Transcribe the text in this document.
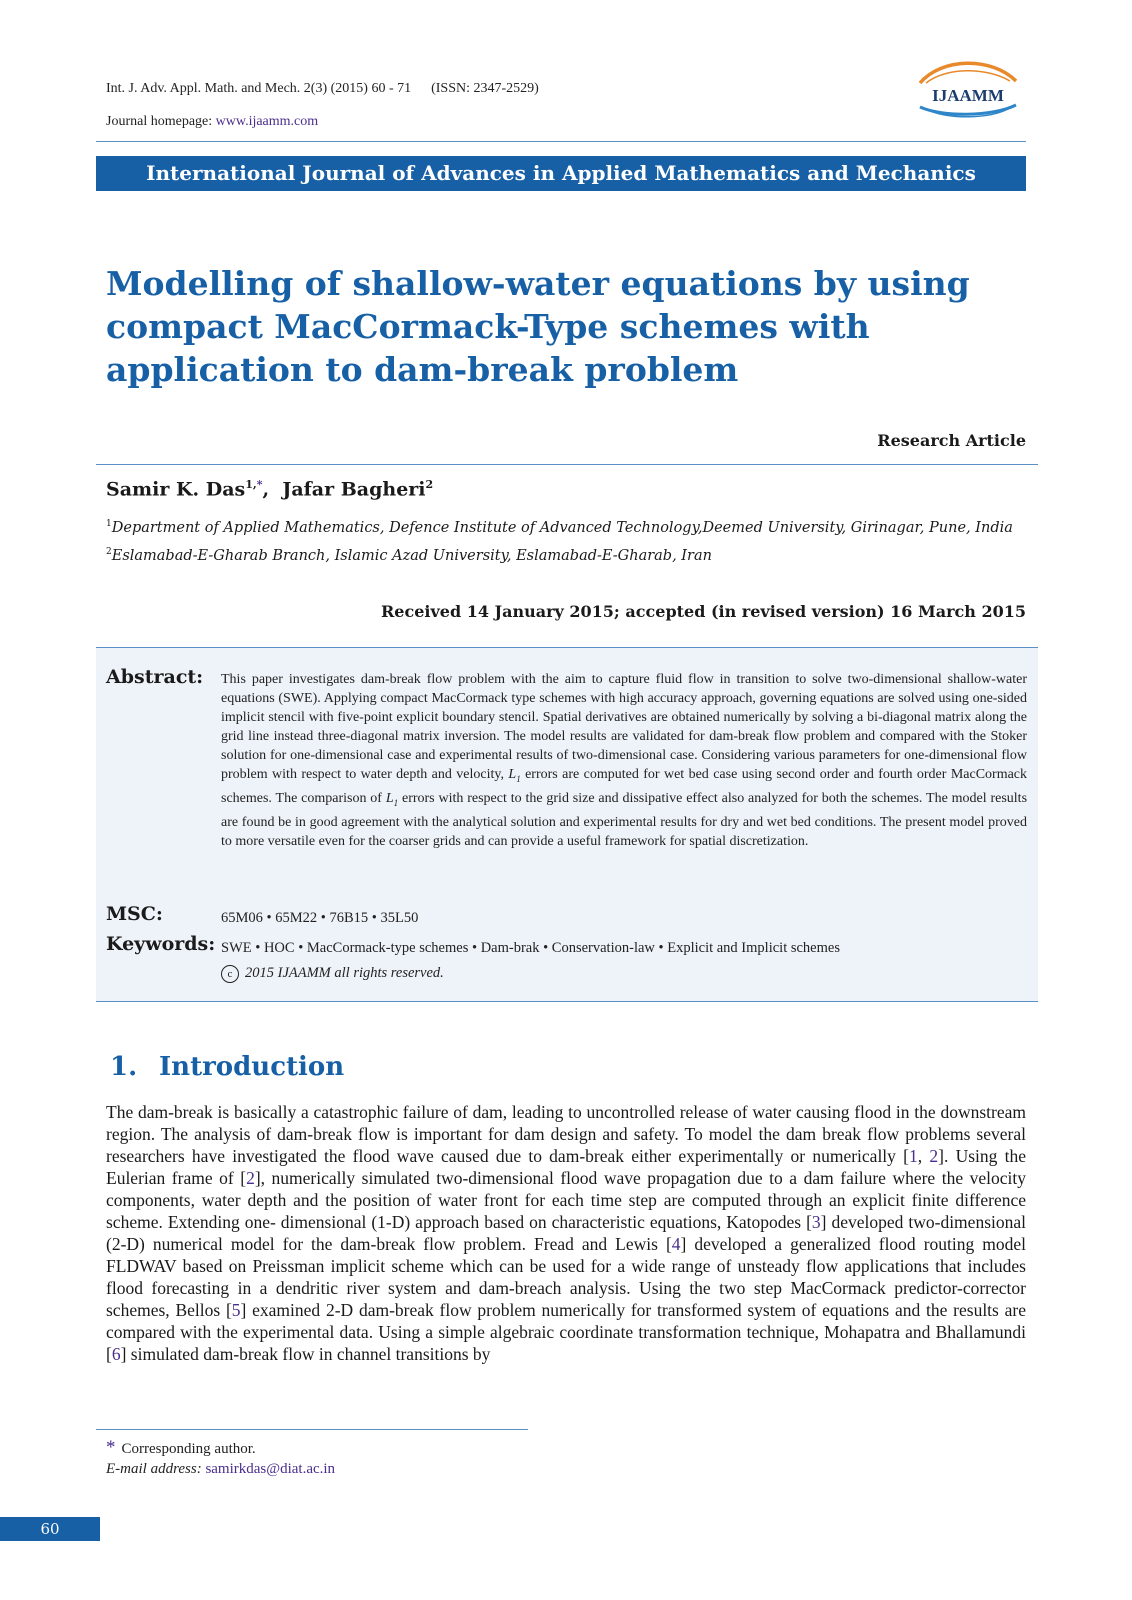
Int. J. Adv. Appl. Math. and Mech. 2(3) (2015) 60 - 71 (ISSN: 2347-2529)
Journal homepage: www.ijaamm.com
IJAAMM
International Journal of Advances in Applied Mathematics and Mechanics
Modelling of shallow-water equations by using compact MacCormack-Type schemes with application to dam-break problem
Research Article
Samir K. Das$^{1,*}$, Jafar Bagheri$^2$
$^1$Department of Applied Mathematics, Defence Institute of Advanced Technology,Deemed University, Girinagar, Pune, India
$^2$Eslamabad-E-Gharab Branch, Islamic Azad University, Eslamabad-E-Gharab, Iran
Received 14 January 2015; accepted (in revised version) 16 March 2015
Abstract: This paper investigates dam-break flow problem with the aim to capture fluid flow in transition to solve two-dimensional shallow-water equations (SWE). Applying compact MacCormack type schemes with high accuracy approach, governing equations are solved using one-sided implicit stencil with five-point explicit boundary stencil. Spatial derivatives are obtained numerically by solving a bi-diagonal matrix along the grid line instead three-diagonal matrix inversion. The model results are validated for dam-break flow problem and compared with the Stoker solution for one-dimensional case and experimental results of two-dimensional case. Considering various parameters for one-dimensional flow problem with respect to water depth and velocity, $L_1$ errors are computed for wet bed case using second order and fourth order MacCormack schemes. The comparison of $L_1$ errors with respect to the grid size and dissipative effect also analyzed for both the schemes. The model results are found be in good agreement with the analytical solution and experimental results for dry and wet bed conditions. The present model proved to more versatile even for the coarser grids and can provide a useful framework for spatial discretization.

MSC:	65M06 • 65M22 • 76B15 • 35L50
Keywords: SWE • HOC • MacCormack-type schemes • Dam-brak • Conservation-law • Explicit and Implicit schemes
c 2015 IJAAMM all rights reserved.
1. Introduction

The dam-break is basically a catastrophic failure of dam, leading to uncontrolled release of water causing flood in the downstream region. The analysis of dam-break flow is important for dam design and safety. To model the dam break flow problems several researchers have investigated the flood wave caused due to dam-break either experimentally or numerically [1, 2]. Using the Eulerian frame of [2], numerically simulated two-dimensional flood wave propagation due to a dam failure where the velocity components, water depth and the position of water front for each time step are computed through an explicit finite difference scheme. Extending one- dimensional (1-D) approach based on characteristic equations, Katopodes [3] developed two-dimensional (2-D) numerical model for the dam-break flow problem. Fread and Lewis [4] developed a generalized flood routing model FLDWAV based on Preissman implicit scheme which can be used for a wide range of unsteady flow applications that includes flood forecasting in a dendritic river system and dam-breach analysis. Using the two step MacCormack predictor-corrector schemes, Bellos [5] examined 2-D dam-break flow problem numerically for transformed system of equations and the results are compared with the experimental data. Using a simple algebraic coordinate transformation technique, Mohapatra and Bhallamundi [6] simulated dam-break flow in channel transitions by

* Corresponding author.
E-mail address: samirkdas@diat.ac.in
60
